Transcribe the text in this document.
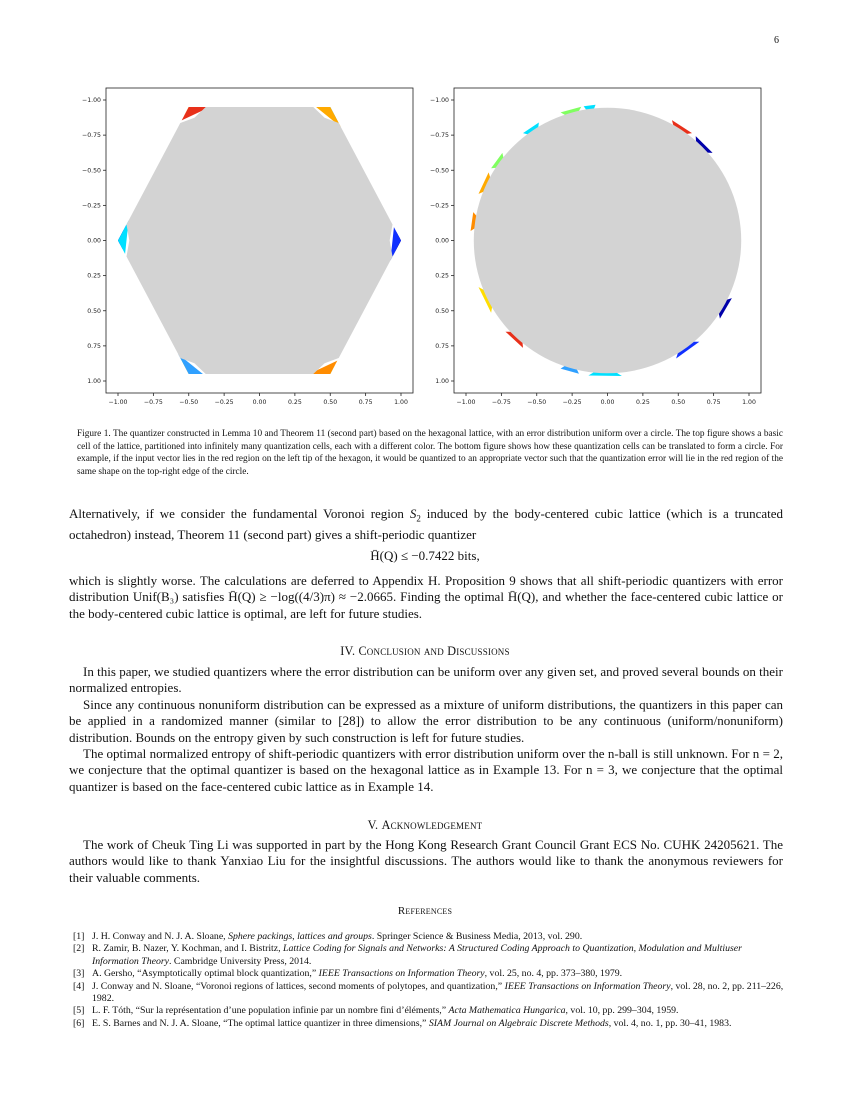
6
1.00
0.75
0.50
0.25
0.00
−0.25
−0.50
−0.75
−1.00
−1.00	−0.75	−0.50	−0.25	0.00	0.25	0.50	0.75	1.00
1.00
0.75
0.50
0.25
0.00
−0.25
−0.50
−0.75
−1.00
−1.00	−0.75	−0.50	−0.25	0.00	0.25	0.50	0.75	1.00
Figure 1. The quantizer constructed in Lemma 10 and Theorem 11 (second part) based on the hexagonal lattice, with an error distribution uniform over a circle. The top figure shows a basic cell of the lattice, partitioned into infinitely many quantization cells, each with a different color. The bottom figure shows how these quantization cells can be translated to form a circle. For example, if the input vector lies in the red region on the left tip of the hexagon, it would be quantized to an appropriate vector such that the quantization error will lie in the red region of the same shape on the top-right edge of the circle.
Alternatively, if we consider the fundamental Voronoi region $S_2$ induced by the body-centered cubic lattice (which is a truncated octahedron) instead, Theorem 11 (second part) gives a shift-periodic quantizer
H̄(Q) ≤ −0.7422 bits,
which is slightly worse. The calculations are deferred to Appendix H. Proposition 9 shows that all shift-periodic quantizers with error distribution Unif(B₃) satisfies H̄(Q) ≥ −log((4/3)π) ≈ −2.0665. Finding the optimal H̄(Q), and whether the face-centered cubic lattice or the body-centered cubic lattice is optimal, are left for future studies.
IV. Conclusion and Discussions
In this paper, we studied quantizers where the error distribution can be uniform over any given set, and proved several bounds on their normalized entropies.
Since any continuous nonuniform distribution can be expressed as a mixture of uniform distributions, the quantizers in this paper can be applied in a randomized manner (similar to [28]) to allow the error distribution to be any continuous (uniform/nonuniform) distribution. Bounds on the entropy given by such construction is left for future studies.
The optimal normalized entropy of shift-periodic quantizers with error distribution uniform over the n-ball is still unknown. For n = 2, we conjecture that the optimal quantizer is based on the hexagonal lattice as in Example 13. For n = 3, we conjecture that the optimal quantizer is based on the face-centered cubic lattice as in Example 14.
V. Acknowledgement
The work of Cheuk Ting Li was supported in part by the Hong Kong Research Grant Council Grant ECS No. CUHK 24205621. The authors would like to thank Yanxiao Liu for the insightful discussions. The authors would like to thank the anonymous reviewers for their valuable comments.
References
[1] J. H. Conway and N. J. A. Sloane, Sphere packings, lattices and groups. Springer Science & Business Media, 2013, vol. 290.
[2] R. Zamir, B. Nazer, Y. Kochman, and I. Bistritz, Lattice Coding for Signals and Networks: A Structured Coding Approach to Quantization, Modulation and Multiuser Information Theory. Cambridge University Press, 2014.
[3] A. Gersho, “Asymptotically optimal block quantization,” IEEE Transactions on Information Theory, vol. 25, no. 4, pp. 373–380, 1979.
[4] J. Conway and N. Sloane, “Voronoi regions of lattices, second moments of polytopes, and quantization,” IEEE Transactions on Information Theory, vol. 28, no. 2, pp. 211–226, 1982.
[5] L. F. Tóth, “Sur la représentation d’une population infinie par un nombre fini d’éléments,” Acta Mathematica Hungarica, vol. 10, pp. 299–304, 1959.
[6] E. S. Barnes and N. J. A. Sloane, “The optimal lattice quantizer in three dimensions,” SIAM Journal on Algebraic Discrete Methods, vol. 4, no. 1, pp. 30–41, 1983.
